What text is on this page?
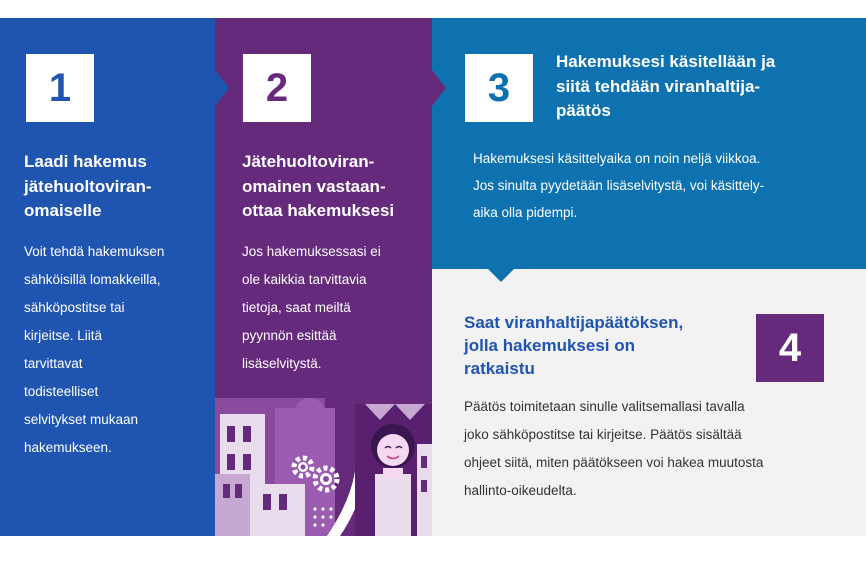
1
Laadi hakemus
jätehuoltoviran-
omaiselle
Voit tehdä hakemuksen
sähköisillä lomakkeilla,
sähköpostitse tai
kirjeitse. Liitä
tarvittavat
todisteelliset
selvitykset mukaan
hakemukseen.
2
Jätehuoltoviran-
omainen vastaan-
ottaa hakemuksesi
Jos hakemuksessasi ei
ole kaikkia tarvittavia
tietoja, saat meiltä
pyynnön esittää
lisäselvitystä.
3
Hakemuksesi käsitellään ja
siitä tehdään viranhaltija-
päätös
Hakemuksesi käsittelyaika on noin neljä viikkoa.
Jos sinulta pyydetään lisäselvitystä, voi käsittely-
aika olla pidempi.
Saat viranhaltijapäätöksen,
jolla hakemuksesi on
ratkaistu	4
Päätös toimitetaan sinulle valitsemallasi tavalla
joko sähköpostitse tai kirjeitse. Päätös sisältää
ohjeet siitä, miten päätökseen voi hakea muutosta
hallinto-oikeudelta.
